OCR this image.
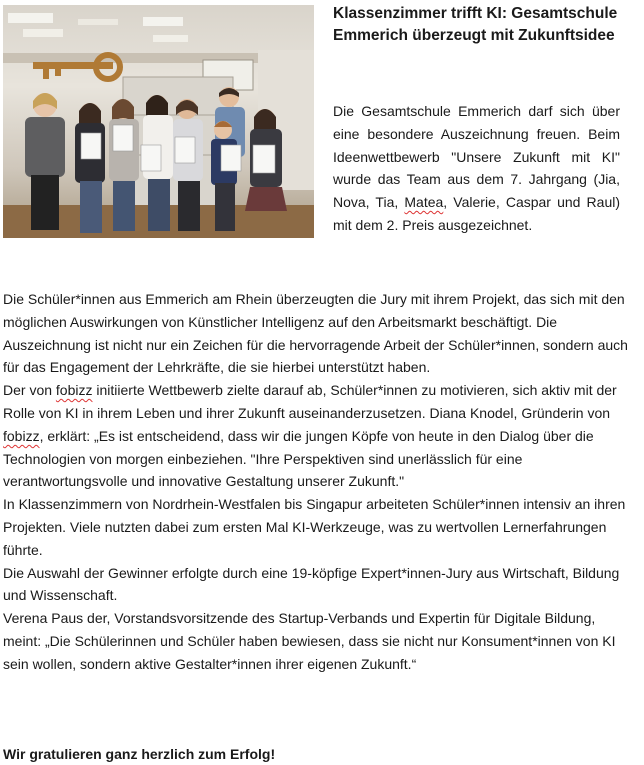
Klassenzimmer trifft KI: Gesamtschule Emmerich überzeugt mit Zukunftsidee

Die Gesamtschule Emmerich darf sich über eine besondere Auszeichnung freuen. Beim Ideenwettbewerb "Unsere Zukunft mit KI" wurde das Team aus dem 7. Jahrgang (Jia, Nova, Tia, Matea, Valerie, Caspar und Raul) mit dem 2. Preis ausgezeichnet.

Die Schüler*innen aus Emmerich am Rhein überzeugten die Jury mit ihrem Projekt, das sich mit den möglichen Auswirkungen von Künstlicher Intelligenz auf den Arbeitsmarkt beschäftigt. Die Auszeichnung ist nicht nur ein Zeichen für die hervorragende Arbeit der Schüler*innen, sondern auch für das Engagement der Lehrkräfte, die sie hierbei unterstützt haben.
Der von fobizz initiierte Wettbewerb zielte darauf ab, Schüler*innen zu motivieren, sich aktiv mit der Rolle von KI in ihrem Leben und ihrer Zukunft auseinanderzusetzen. Diana Knodel, Gründerin von fobizz, erklärt: „Es ist entscheidend, dass wir die jungen Köpfe von heute in den Dialog über die Technologien von morgen einbeziehen. "Ihre Perspektiven sind unerlässlich für eine verantwortungsvolle und innovative Gestaltung unserer Zukunft."
In Klassenzimmern von Nordrhein-Westfalen bis Singapur arbeiteten Schüler*innen intensiv an ihren Projekten. Viele nutzten dabei zum ersten Mal KI-Werkzeuge, was zu wertvollen Lernerfahrungen führte.
Die Auswahl der Gewinner erfolgte durch eine 19-köpfige Expert*innen-Jury aus Wirtschaft, Bildung und Wissenschaft.
Verena Paus der, Vorstandsvorsitzende des Startup-Verbands und Expertin für Digitale Bildung, meint: „Die Schülerinnen und Schüler haben bewiesen, dass sie nicht nur Konsument*innen von KI sein wollen, sondern aktive Gestalter*innen ihrer eigenen Zukunft.“

Wir gratulieren ganz herzlich zum Erfolg!
